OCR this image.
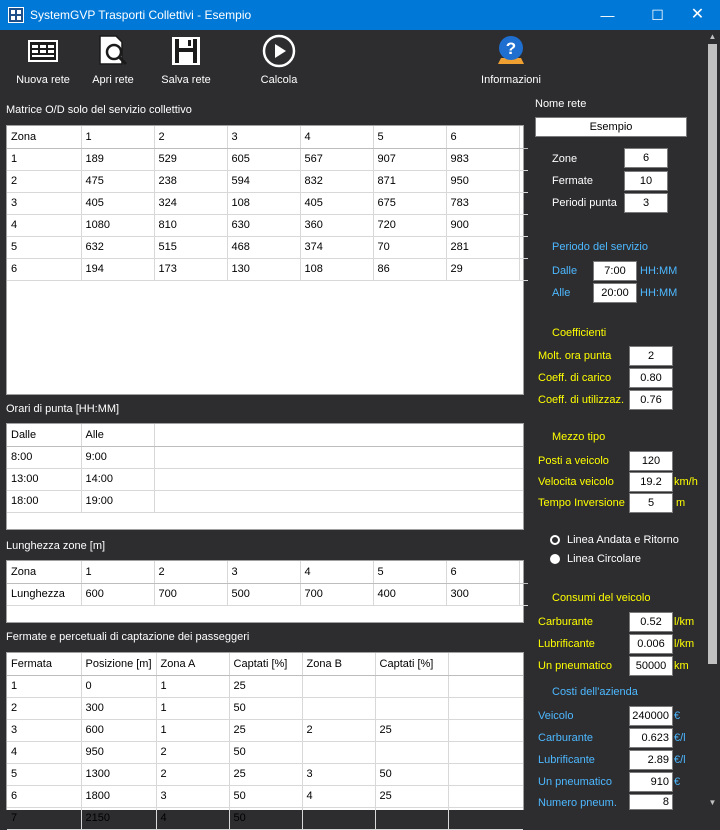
SystemGVP Trasporti Collettivi - Esempio	—	☐	✕
Nuova rete	Apri rete	Salva rete	Calcola
?
Informazioni
Matrice O/D solo del servizio collettivo
Zona	1	2	3	4	5	6	
1	189	529	605	567	907	983	
2	475	238	594	832	871	950	
3	405	324	108	405	675	783	
4	1080	810	630	360	720	900	
5	632	515	468	374	70	281	
6	194	173	130	108	86	29	
Orari di punta [HH:MM]
Dalle	Alle	
8:00	9:00	
13:00	14:00	
18:00	19:00	
Lunghezza zone [m]
Zona	1	2	3	4	5	6	
Lunghezza	600	700	500	700	400	300	
Fermate e percetuali di captazione dei passeggeri
Fermata	Posizione [m]	Zona A	Captati [%]	Zona B	Captati [%]	
1	0	1	25			
2	300	1	50			
3	600	1	25	2	25	
4	950	2	50			
5	1300	2	25	3	50	
6	1800	3	50	4	25	
7	2150	4	50			
Nome rete
Esempio
Zone	6
Fermate	10
Periodi punta	3
Periodo del servizio
Dalle	7:00	HH:MM
Alle	20:00	HH:MM
Coefficienti
Molt. ora punta	2
Coeff. di carico	0.80
Coeff. di utilizzaz.	0.76
Mezzo tipo
Posti a veicolo	120
Velocita veicolo	19.2	km/h
Tempo Inversione	5	m
Linea Andata e Ritorno
Linea Circolare
Consumi del veicolo
Carburante	0.52	l/km
Lubrificante	0.006 l/km
Un pneumatico	50000 km
Costi dell'azienda
Veicolo	240000 €
Carburante	0.623 €/l
Lubrificante	2.89 €/l
Un pneumatico	910 €
Numero pneum.	8
▲
▼
